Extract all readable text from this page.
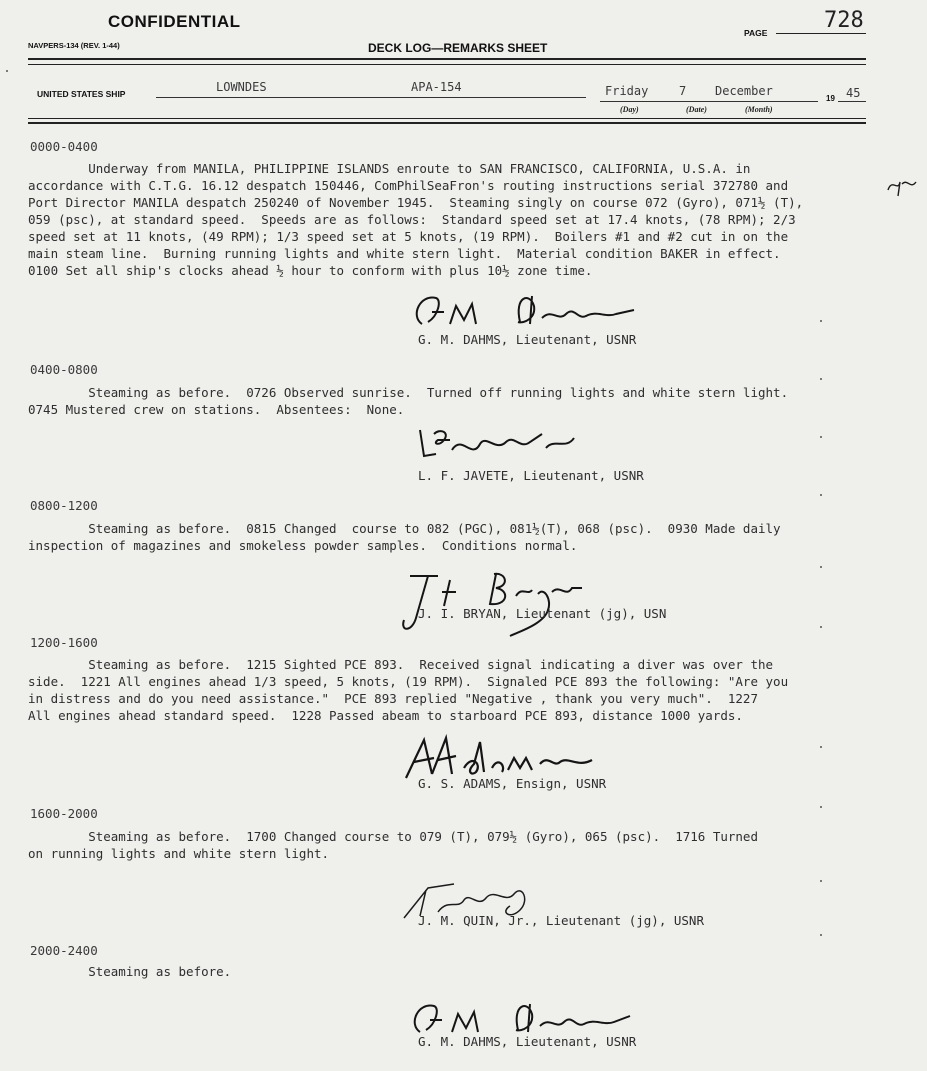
CONFIDENTIAL
NAVPERS-134 (REV. 1-44)	DECK LOG—REMARKS SHEET
PAGE	728
UNITED STATES SHIP	LOWNDES	APA-154	Friday	7 December
19 45
(Day)	(Date)	(Month)
0000-0400
Underway from MANILA, PHILIPPINE ISLANDS enroute to SAN FRANCISCO, CALIFORNIA, U.S.A. in
accordance with C.T.G. 16.12 despatch 150446, ComPhilSeaFron's routing instructions serial 372780 and
Port Director MANILA despatch 250240 of November 1945.  Steaming singly on course 072 (Gyro), 071½ (T),
059 (psc), at standard speed.  Speeds are as follows:  Standard speed set at 17.4 knots, (78 RPM); 2/3
speed set at 11 knots, (49 RPM); 1/3 speed set at 5 knots, (19 RPM).  Boilers #1 and #2 cut in on the
main steam line.  Burning running lights and white stern light.  Material condition BAKER in effect.
0100 Set all ship's clocks ahead ½ hour to conform with plus 10½ zone time.
G. M. DAHMS, Lieutenant, USNR
0400-0800
Steaming as before.  0726 Observed sunrise.  Turned off running lights and white stern light.
0745 Mustered crew on stations.  Absentees:  None.
L. F. JAVETE, Lieutenant, USNR
0800-1200
Steaming as before.  0815 Changed  course to 082 (PGC), 081½(T), 068 (psc).  0930 Made daily
inspection of magazines and smokeless powder samples.  Conditions normal.
J. I. BRYAN, Lieutenant (jg), USN
1200-1600
Steaming as before.  1215 Sighted PCE 893.  Received signal indicating a diver was over the
side.  1221 All engines ahead 1/3 speed, 5 knots, (19 RPM).  Signaled PCE 893 the following: "Are you
in distress and do you need assistance."  PCE 893 replied "Negative , thank you very much".  1227
All engines ahead standard speed.  1228 Passed abeam to starboard PCE 893, distance 1000 yards.
G. S. ADAMS, Ensign, USNR
1600-2000
Steaming as before.  1700 Changed course to 079 (T), 079½ (Gyro), 065 (psc).  1716 Turned
on running lights and white stern light.
J. M. QUIN, Jr., Lieutenant (jg), USNR
2000-2400
Steaming as before.
G. M. DAHMS, Lieutenant, USNR
